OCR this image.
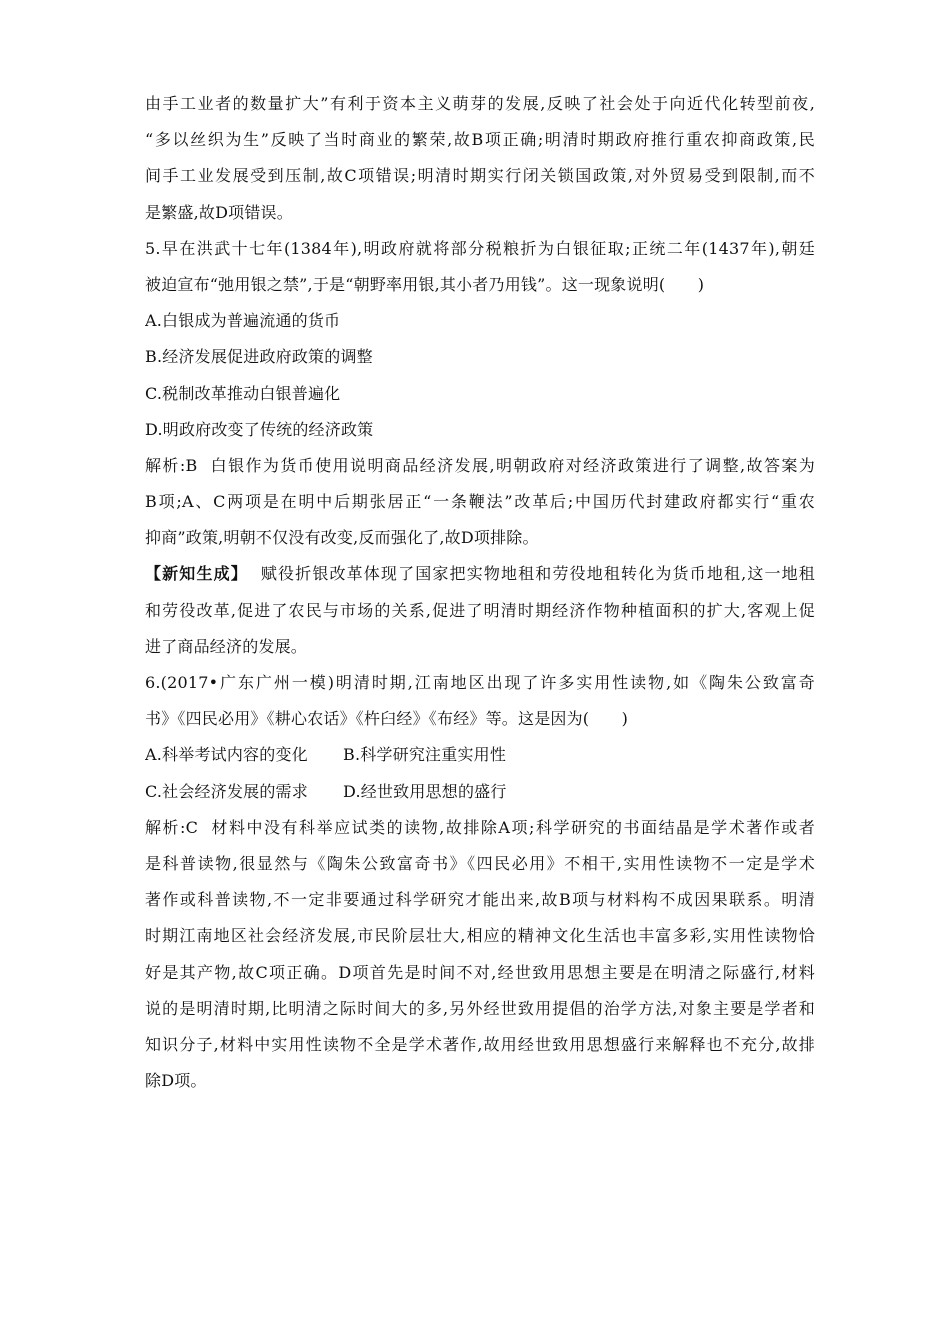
由手工业者的数量扩大”有利于资本主义萌芽的发展,反映了社会处于向近代化转型前夜,
“多以丝织为生”反映了当时商业的繁荣,故B项正确;明清时期政府推行重农抑商政策,民
间手工业发展受到压制,故C项错误;明清时期实行闭关锁国政策,对外贸易受到限制,而不
是繁盛,故D项错误。
5.早在洪武十七年(1384年),明政府就将部分税粮折为白银征取;正统二年(1437年),朝廷
被迫宣布“弛用银之禁”,于是“朝野率用银,其小者乃用钱”。这一现象说明(　　)
A.白银成为普遍流通的货币
B.经济发展促进政府政策的调整
C.税制改革推动白银普遍化
D.明政府改变了传统的经济政策
解析:B 白银作为货币使用说明商品经济发展,明朝政府对经济政策进行了调整,故答案为
B项;A、C两项是在明中后期张居正“一条鞭法”改革后;中国历代封建政府都实行“重农
抑商”政策,明朝不仅没有改变,反而强化了,故D项排除。
【新知生成】 赋役折银改革体现了国家把实物地租和劳役地租转化为货币地租,这一地租
和劳役改革,促进了农民与市场的关系,促进了明清时期经济作物种植面积的扩大,客观上促
进了商品经济的发展。
6.(2017•广东广州一模)明清时期,江南地区出现了许多实用性读物,如《陶朱公致富奇
书》《四民必用》《耕心农话》《杵臼经》《布经》等。这是因为(　　)
A.科举考试内容的变化	B.科学研究注重实用性
C.社会经济发展的需求	D.经世致用思想的盛行
解析:C 材料中没有科举应试类的读物,故排除A项;科学研究的书面结晶是学术著作或者
是科普读物,很显然与《陶朱公致富奇书》《四民必用》不相干,实用性读物不一定是学术
著作或科普读物,不一定非要通过科学研究才能出来,故B项与材料构不成因果联系。明清
时期江南地区社会经济发展,市民阶层壮大,相应的精神文化生活也丰富多彩,实用性读物恰
好是其产物,故C项正确。D项首先是时间不对,经世致用思想主要是在明清之际盛行,材料
说的是明清时期,比明清之际时间大的多,另外经世致用提倡的治学方法,对象主要是学者和
知识分子,材料中实用性读物不全是学术著作,故用经世致用思想盛行来解释也不充分,故排
除D项。
